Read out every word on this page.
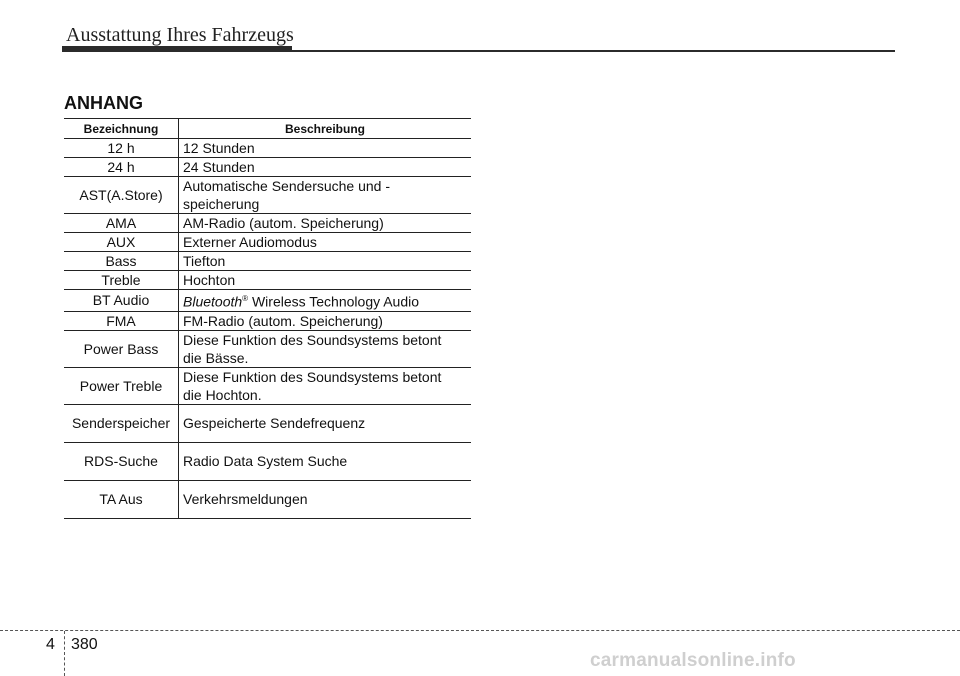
Ausstattung Ihres Fahrzeugs
ANHANG
Bezeichnung	Beschreibung
12 h	12 Stunden
24 h	24 Stunden
AST(A.Store)	Automatische Sendersuche und -
speicherung
AMA	AM-Radio (autom. Speicherung)
AUX	Externer Audiomodus
Bass	Tiefton
Treble	Hochton
BT Audio	Bluetooth® Wireless Technology Audio
FMA	FM-Radio (autom. Speicherung)
Power Bass	Diese Funktion des Soundsystems betont
die Bässe.
Power Treble	Diese Funktion des Soundsystems betont
die Hochton.
Senderspeicher	Gespeicherte Sendefrequenz
RDS-Suche	Radio Data System Suche
TA Aus	Verkehrsmeldungen
4 380
carmanualsonline.info
